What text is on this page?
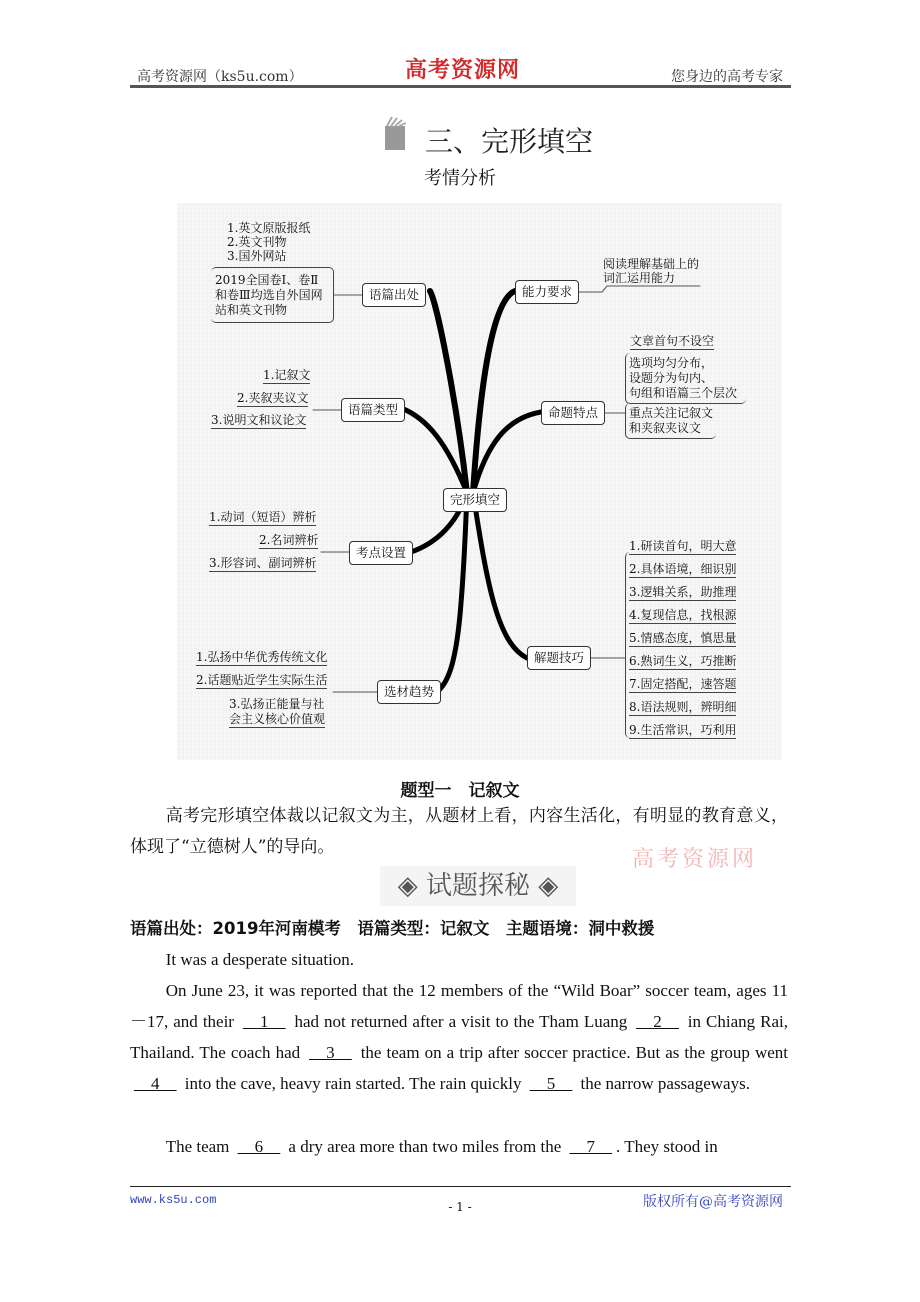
高考资源网（ks5u.com）	高考资源网	您身边的高考专家
三、完形填空
考情分析
语篇出处
1.英文原版报纸
2.英文刊物
3.国外网站
2019全国卷Ⅰ、卷Ⅱ
和卷Ⅲ均选自外国网
站和英文刊物
语篇类型
1.记叙文
2.夹叙夹议文
3.说明文和议论文
考点设置
1.动词（短语）辨析
2.名词辨析
3.形容词、副词辨析
选材趋势
1.弘扬中华优秀传统文化
2.话题贴近学生实际生活
3.弘扬正能量与社
会主义核心价值观
能力要求
阅读理解基础上的
词汇运用能力
命题特点
文章首句不设空
选项均匀分布，
设题分为句内、
句组和语篇三个层次
重点关注记叙文
和夹叙夹议文
解题技巧
1.研读首句，明大意
2.具体语境，细识别
3.逻辑关系，助推理
4.复现信息，找根源
5.情感态度，慎思量
6.熟词生义，巧推断
7.固定搭配，速答题
8.语法规则，辨明细
9.生活常识，巧利用
完形填空
题型一　记叙文
高考完形填空体裁以记叙文为主，从题材上看，内容生活化，有明显的教育意义，体现了“立德树人”的导向。	高考资源网
◈ 试题探秘 ◈
语篇出处：2019年河南模考　语篇类型：记叙文　主题语境：洞中救援
It was a desperate situation.
On June 23, it was reported that the 12 members of the “Wild Boar” soccer team, ages 11－17, and their __1__ had not returned after a visit to the Tham Luang __2__ in Chiang Rai, Thailand. The coach had __3__ the team on a trip after soccer practice. But as the group went __4__ into the cave, heavy rain started. The rain quickly __5__ the narrow passageways.
The team __6__ a dry area more than two miles from the __7__ . They stood in
www.ks5u.com	- 1 -	版权所有@高考资源网
